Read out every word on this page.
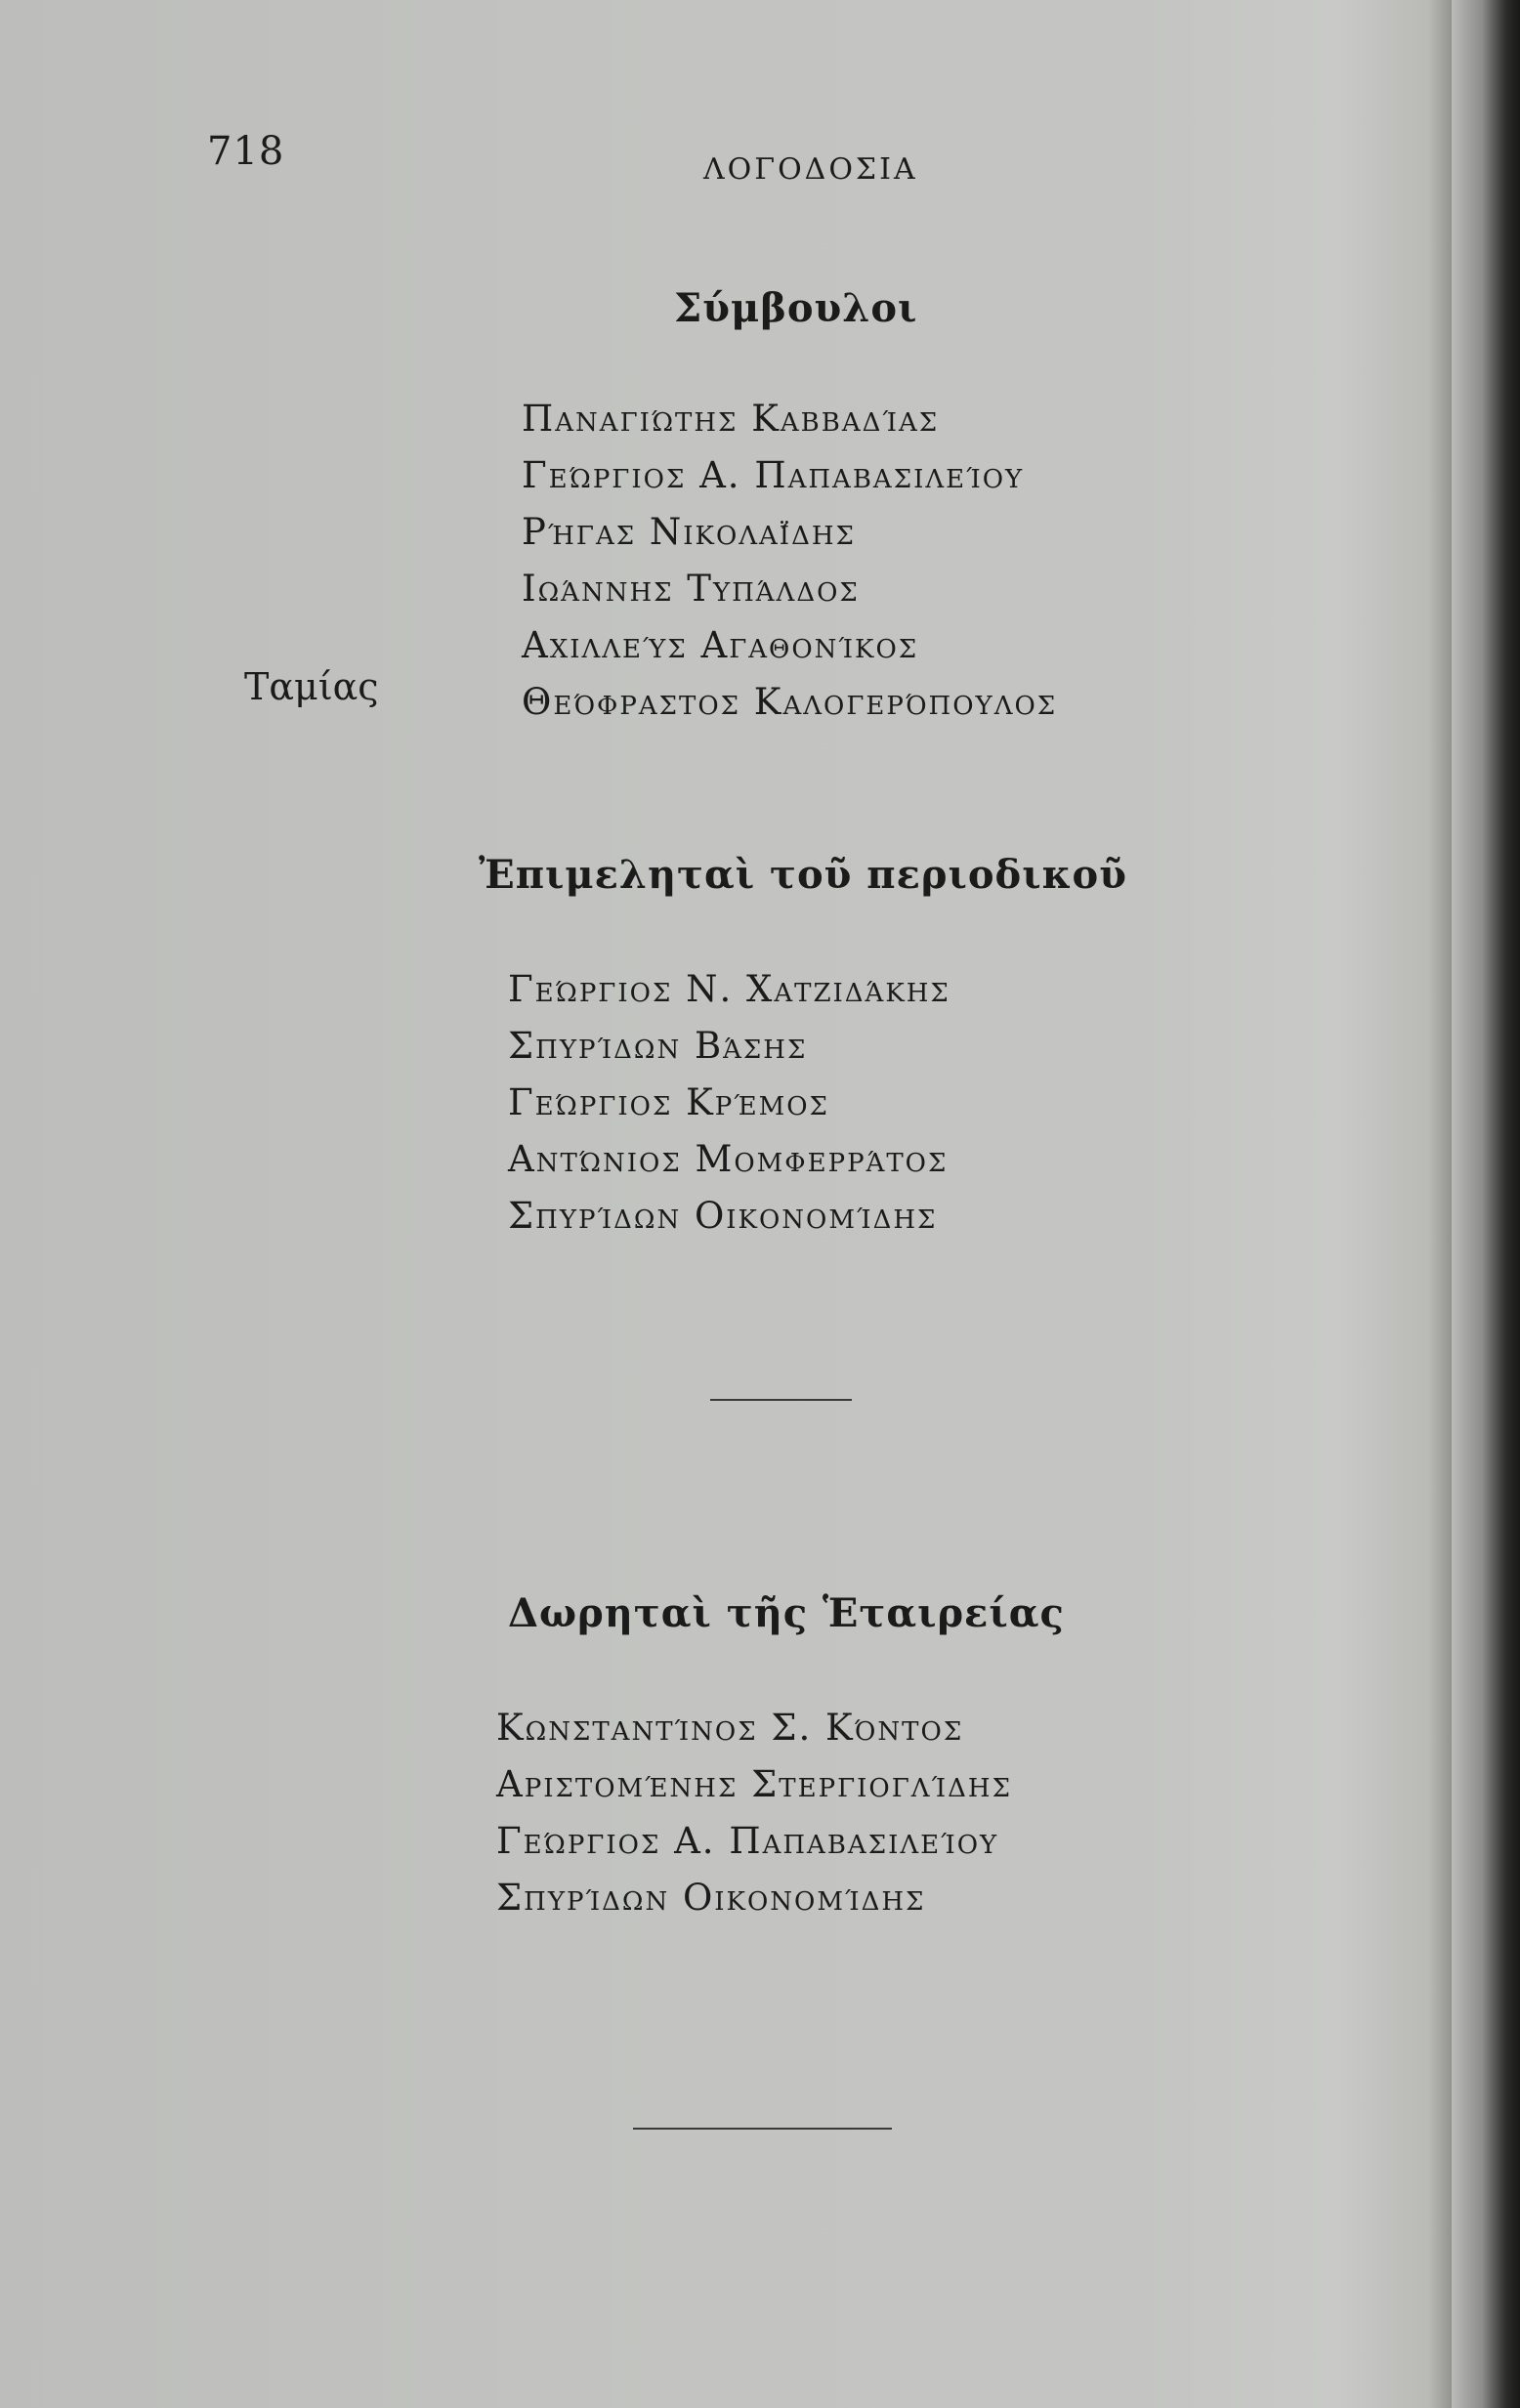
718	ΛΟΓΟΔΟΣΙΑ
Σύμβουλοι
Παναγιώτης Καββαδίας
Γεώργιος Α. Παπαβασιλείου
Ρήγας Νικολαΐδης
Ιωάννης Τυπάλδος
Αχιλλεύς Αγαθονίκος
Θεόφραστος Καλογερόπουλος
Ταμίας
Ἐπιμεληταὶ τοῦ περιοδικοῦ
Γεώργιος Ν. Χατζιδάκης
Σπυρίδων Βάσης
Γεώργιος Κρέμος
Αντώνιος Μομφερράτος
Σπυρίδων Οικονομίδης
Δωρηταὶ τῆς Ἑταιρείας
Κωνσταντίνος Σ. Κόντος
Αριστομένης Στεργιογλίδης
Γεώργιος Α. Παπαβασιλείου
Σπυρίδων Οικονομίδης
